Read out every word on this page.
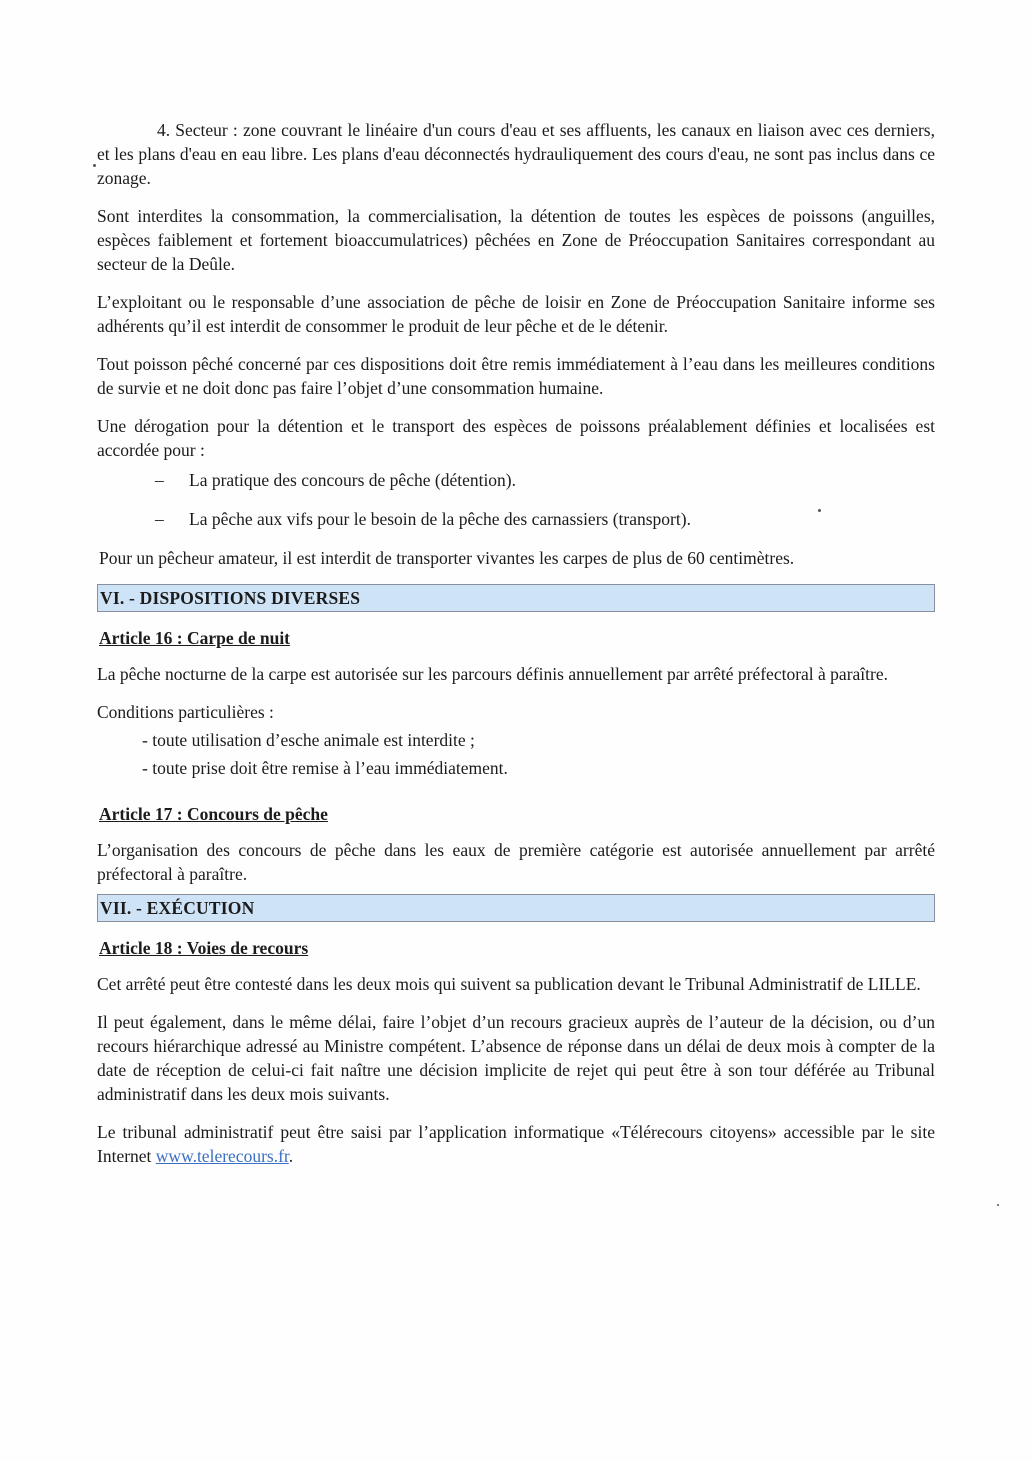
4. Secteur : zone couvrant le linéaire d'un cours d'eau et ses affluents, les canaux en liaison avec ces derniers, et les plans d'eau en eau libre. Les plans d'eau déconnectés hydrauliquement des cours d'eau, ne sont pas inclus dans ce zonage.

Sont interdites la consommation, la commercialisation, la détention de toutes les espèces de poissons (anguilles, espèces faiblement et fortement bioaccumulatrices) pêchées en Zone de Préoccupation Sanitaires correspondant au secteur de la Deûle.

L’exploitant ou le responsable d’une association de pêche de loisir en Zone de Préoccupation Sanitaire informe ses adhérents qu’il est interdit de consommer le produit de leur pêche et de le détenir.

Tout poisson pêché concerné par ces dispositions doit être remis immédiatement à l’eau dans les meilleures conditions de survie et ne doit donc pas faire l’objet d’une consommation humaine.

Une dérogation pour la détention et le transport des espèces de poissons préalablement définies et localisées est accordée pour :

– La pratique des concours de pêche (détention).
– La pêche aux vifs pour le besoin de la pêche des carnassiers (transport).

Pour un pêcheur amateur, il est interdit de transporter vivantes les carpes de plus de 60 centimètres.

VI. - DISPOSITIONS DIVERSES

Article 16 : Carpe de nuit

La pêche nocturne de la carpe est autorisée sur les parcours définis annuellement par arrêté préfectoral à paraître.

Conditions particulières :

- toute utilisation d’esche animale est interdite ;
- toute prise doit être remise à l’eau immédiatement.

Article 17 : Concours de pêche

L’organisation des concours de pêche dans les eaux de première catégorie est autorisée annuellement par arrêté préfectoral à paraître.

VII. - EXÉCUTION

Article 18 : Voies de recours

Cet arrêté peut être contesté dans les deux mois qui suivent sa publication devant le Tribunal Administratif de LILLE.

Il peut également, dans le même délai, faire l’objet d’un recours gracieux auprès de l’auteur de la décision, ou d’un recours hiérarchique adressé au Ministre compétent. L’absence de réponse dans un délai de deux mois à compter de la date de réception de celui-ci fait naître une décision implicite de rejet qui peut être à son tour déférée au Tribunal administratif dans les deux mois suivants.

Le tribunal administratif peut être saisi par l’application informatique «Télérecours citoyens» accessible par le site Internet www.telerecours.fr.
